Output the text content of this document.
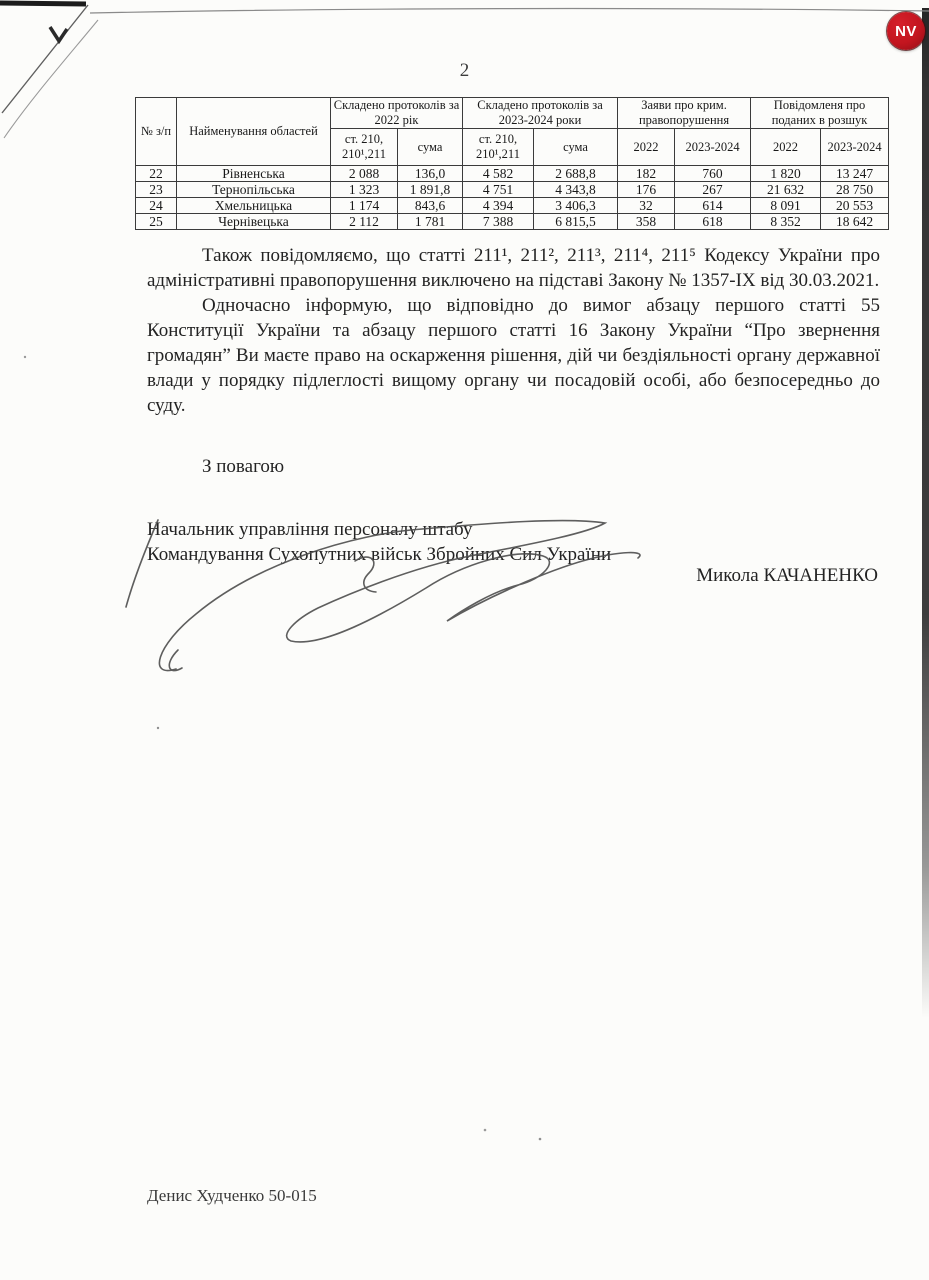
NV
2
№ з/п	Найменування областей	Складено протоколів за 2022 рік		Складено протоколів за 2023-2024 роки		Заяви про крим. правопорушення		Повідомленя про поданих в розшук	
		ст. 210, 210¹,211	сума	ст. 210, 210¹,211	сума	2022	2023-2024	2022	2023-2024
22	Рівненська	2 088	136,0	4 582	2 688,8	182	760	1 820	13 247
23	Тернопільська	1 323	1 891,8	4 751	4 343,8	176	267	21 632	28 750
24	Хмельницька	1 174	843,6	4 394	3 406,3	32	614	8 091	20 553
25	Чернівецька	2 112	1 781	7 388	6 815,5	358	618	8 352	18 642

Також повідомляємо, що статті 211¹, 211², 211³, 211⁴, 211⁵ Кодексу України про адміністративні правопорушення виключено на підставі Закону № 1357-ІХ від 30.03.2021.

Одночасно інформую, що відповідно до вимог абзацу першого статті 55 Конституції України та абзацу першого статті 16 Закону України “Про звернення громадян” Ви маєте право на оскарження рішення, дій чи бездіяльності органу державної влади у порядку підлеглості вищому органу чи посадовій особі, або безпосередньо до суду.

З повагою
Начальник управління персоналу штабу
Командування Сухопутних військ Збройних Сил України
Микола КАЧАНЕНКО
Денис Худченко 50-015
